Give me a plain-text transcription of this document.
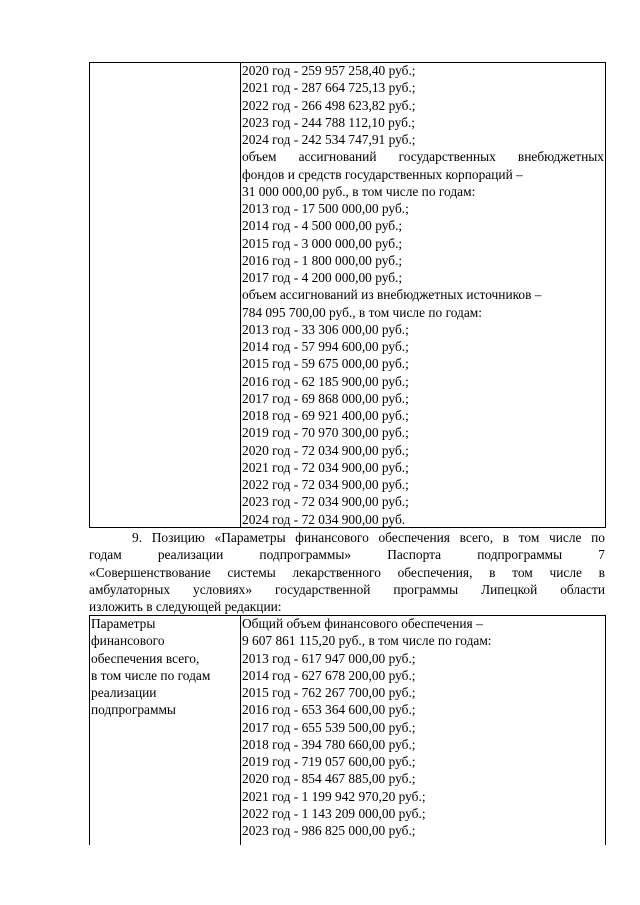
2020 год - 259 957 258,40 руб.;
2021 год - 287 664 725,13 руб.;
2022 год - 266 498 623,82 руб.;
2023 год - 244 788 112,10 руб.;
2024 год - 242 534 747,91 руб.;
объем ассигнований государственных внебюджетных
фондов и средств государственных корпораций –
31 000 000,00 руб., в том числе по годам:
2013 год - 17 500 000,00 руб.;
2014 год - 4 500 000,00 руб.;
2015 год - 3 000 000,00 руб.;
2016 год - 1 800 000,00 руб.;
2017 год - 4 200 000,00 руб.;
объем ассигнований из внебюджетных источников –
784 095 700,00 руб., в том числе по годам:
2013 год - 33 306 000,00 руб.;
2014 год - 57 994 600,00 руб.;
2015 год - 59 675 000,00 руб.;
2016 год - 62 185 900,00 руб.;
2017 год - 69 868 000,00 руб.;
2018 год - 69 921 400,00 руб.;
2019 год - 70 970 300,00 руб.;
2020 год - 72 034 900,00 руб.;
2021 год - 72 034 900,00 руб.;
2022 год - 72 034 900,00 руб.;
2023 год - 72 034 900,00 руб.;
2024 год - 72 034 900,00 руб.
9. Позицию «Параметры финансового обеспечения всего, в том числе по
годам реализации подпрограммы» Паспорта подпрограммы 7
«Совершенствование системы лекарственного обеспечения, в том числе в
амбулаторных условиях» государственной программы Липецкой области
изложить в следующей редакции:
Параметры
финансового
обеспечения всего,
в том числе по годам
реализации
подпрограммы
Общий объем финансового обеспечения –
9 607 861 115,20 руб., в том числе по годам:
2013 год - 617 947 000,00 руб.;
2014 год - 627 678 200,00 руб.;
2015 год - 762 267 700,00 руб.;
2016 год - 653 364 600,00 руб.;
2017 год - 655 539 500,00 руб.;
2018 год - 394 780 660,00 руб.;
2019 год - 719 057 600,00 руб.;
2020 год - 854 467 885,00 руб.;
2021 год - 1 199 942 970,20 руб.;
2022 год - 1 143 209 000,00 руб.;
2023 год - 986 825 000,00 руб.;
